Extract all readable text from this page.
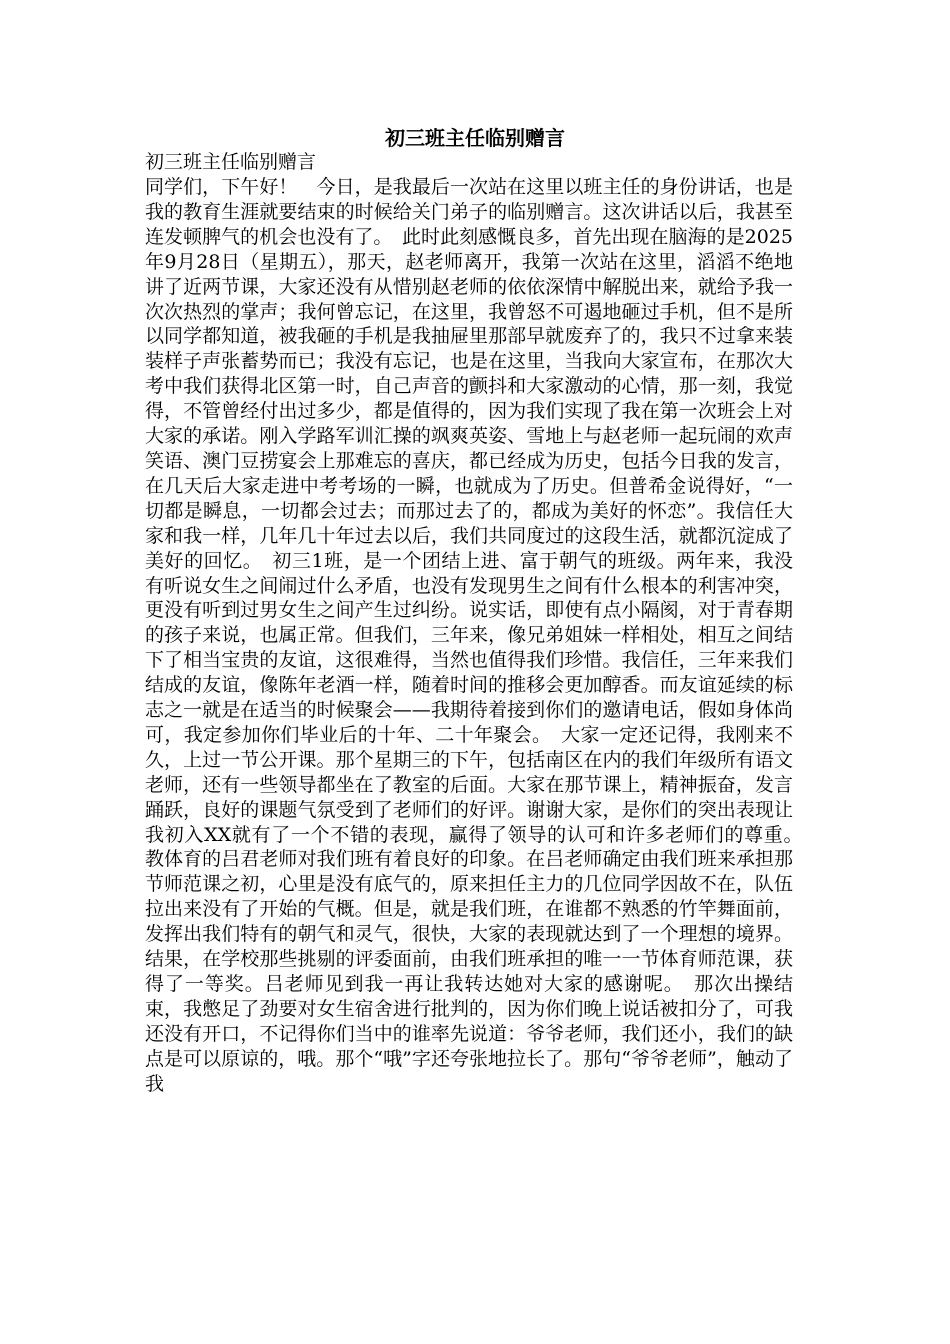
初三班主任临别赠言

初三班主任临别赠言

同学们，下午好！　今日，是我最后一次站在这里以班主任的身份讲话，也是我的教育生涯就要结束的时候给关门弟子的临别赠言。这次讲话以后，我甚至连发顿脾气的机会也没有了。　此时此刻感慨良多，首先出现在脑海的是2025年9月28日（星期五），那天，赵老师离开，我第一次站在这里，滔滔不绝地讲了近两节课，大家还没有从惜别赵老师的依依深情中解脱出来，就给予我一次次热烈的掌声；我何曾忘记，在这里，我曾怒不可遏地砸过手机，但不是所以同学都知道，被我砸的手机是我抽屉里那部早就废弃了的，我只不过拿来装装样子声张蓄势而已；我没有忘记，也是在这里，当我向大家宣布，在那次大考中我们获得北区第一时，自己声音的颤抖和大家激动的心情，那一刻，我觉得，不管曾经付出过多少，都是值得的，因为我们实现了我在第一次班会上对大家的承诺。刚入学路军训汇操的飒爽英姿、雪地上与赵老师一起玩闹的欢声笑语、澳门豆捞宴会上那难忘的喜庆，都已经成为历史，包括今日我的发言，在几天后大家走进中考考场的一瞬，也就成为了历史。但普希金说得好，“一切都是瞬息，一切都会过去；而那过去了的，都成为美好的怀恋”。我信任大家和我一样，几年几十年过去以后，我们共同度过的这段生活，就都沉淀成了美好的回忆。　初三1班，是一个团结上进、富于朝气的班级。两年来，我没有听说女生之间闹过什么矛盾，也没有发现男生之间有什么根本的利害冲突，更没有听到过男女生之间产生过纠纷。说实话，即使有点小隔阂，对于青春期的孩子来说，也属正常。但我们，三年来，像兄弟姐妹一样相处，相互之间结下了相当宝贵的友谊，这很难得，当然也值得我们珍惜。我信任，三年来我们结成的友谊，像陈年老酒一样，随着时间的推移会更加醇香。而友谊延续的标志之一就是在适当的时候聚会——我期待着接到你们的邀请电话，假如身体尚可，我定参加你们毕业后的十年、二十年聚会。　大家一定还记得，我刚来不久，上过一节公开课。那个星期三的下午，包括南区在内的我们年级所有语文老师，还有一些领导都坐在了教室的后面。大家在那节课上，精神振奋，发言踊跃，良好的课题气氛受到了老师们的好评。谢谢大家，是你们的突出表现让我初入XX就有了一个不错的表现，赢得了领导的认可和许多老师们的尊重。　教体育的吕君老师对我们班有着良好的印象。在吕老师确定由我们班来承担那节师范课之初，心里是没有底气的，原来担任主力的几位同学因故不在，队伍拉出来没有了开始的气概。但是，就是我们班，在谁都不熟悉的竹竿舞面前，发挥出我们特有的朝气和灵气，很快，大家的表现就达到了一个理想的境界。结果，在学校那些挑剔的评委面前，由我们班承担的唯一一节体育师范课，获得了一等奖。吕老师见到我一再让我转达她对大家的感谢呢。　那次出操结束，我憋足了劲要对女生宿舍进行批判的，因为你们晚上说话被扣分了，可我还没有开口，不记得你们当中的谁率先说道：爷爷老师，我们还小，我们的缺点是可以原谅的，哦。那个“哦”字还夸张地拉长了。那句“爷爷老师”，触动了我
